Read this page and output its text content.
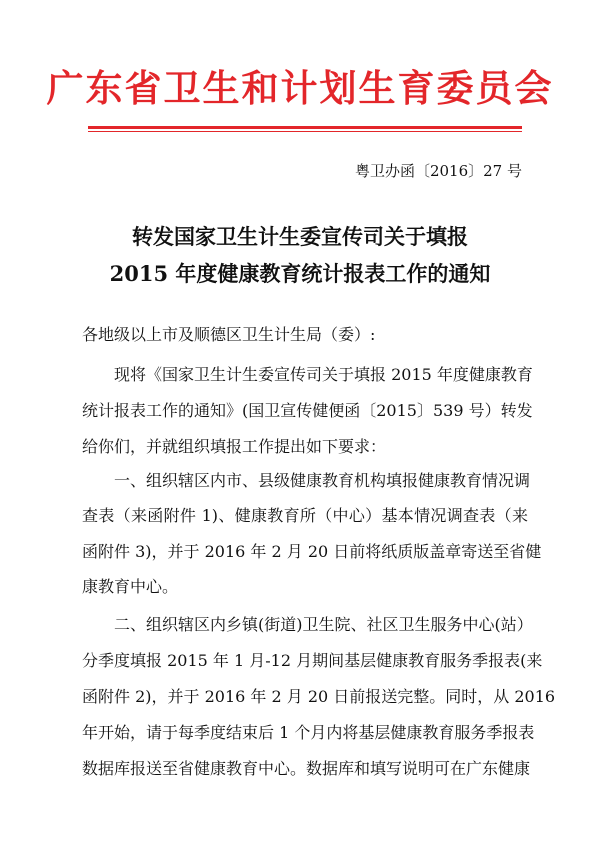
广东省卫生和计划生育委员会
粤卫办函〔2016〕27 号
转发国家卫生计生委宣传司关于填报
2015 年度健康教育统计报表工作的通知
各地级以上市及顺德区卫生计生局（委）:
现将《国家卫生计生委宣传司关于填报 2015 年度健康教育
统计报表工作的通知》(国卫宣传健便函〔2015〕539 号）转发
给你们，并就组织填报工作提出如下要求：
一、组织辖区内市、县级健康教育机构填报健康教育情况调
查表（来函附件 1)、健康教育所（中心）基本情况调查表（来
函附件 3)，并于 2016 年 2 月 20 日前将纸质版盖章寄送至省健
康教育中心。
二、组织辖区内乡镇(街道)卫生院、社区卫生服务中心(站）
分季度填报 2015 年 1 月-12 月期间基层健康教育服务季报表(来
函附件 2)，并于 2016 年 2 月 20 日前报送完整。同时，从 2016
年开始，请于每季度结束后 1 个月内将基层健康教育服务季报表
数据库报送至省健康教育中心。数据库和填写说明可在广东健康
